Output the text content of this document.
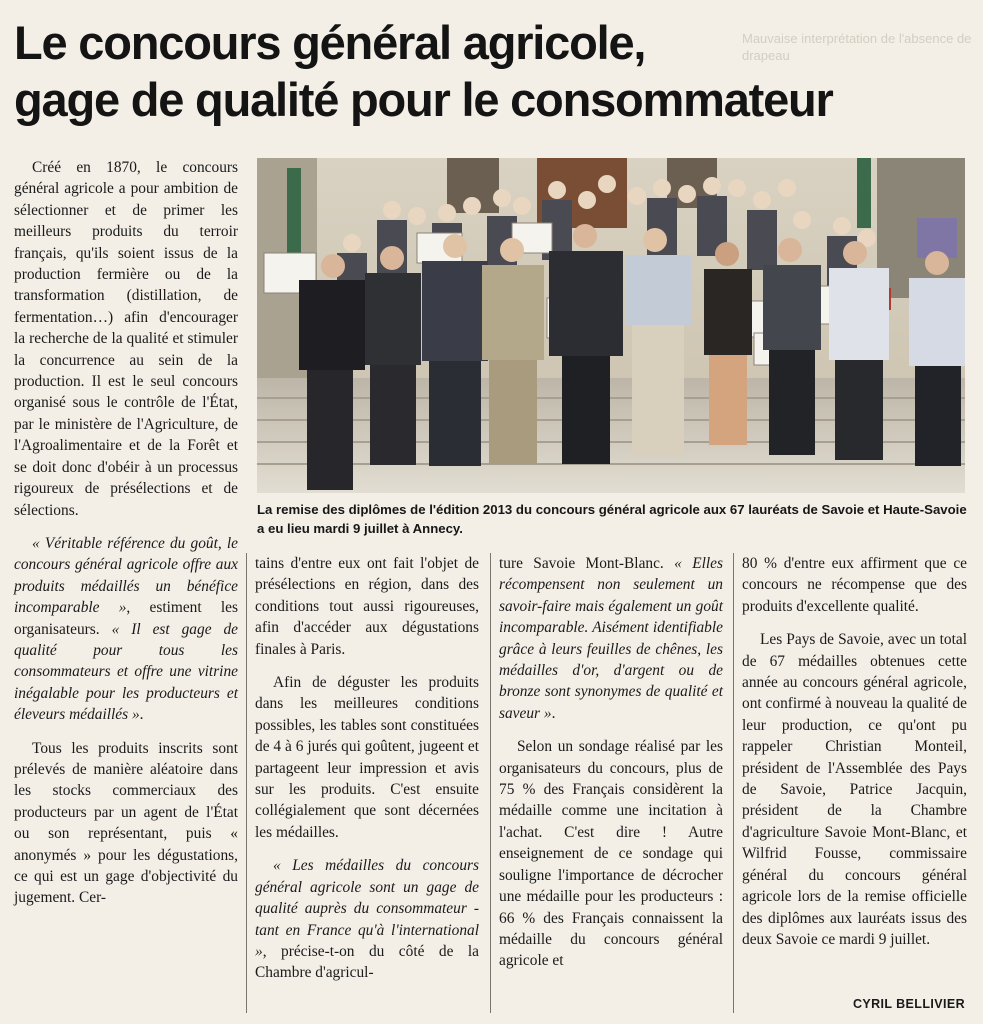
Le concours général agricole,
gage de qualité pour le consommateur
Mauvaise interprétation de l'absence de drapeau
La remise des diplômes de l'édition 2013 du concours général agricole aux 67 lauréats de Savoie et Haute-Savoie a eu lieu mardi 9 juillet à Annecy.

Créé en 1870, le concours général agricole a pour ambition de sélectionner et de primer les meilleurs produits du terroir français, qu'ils soient issus de la production fermière ou de la transformation (distillation, de fermentation…) afin d'encourager la recherche de la qualité et stimuler la concurrence au sein de la production. Il est le seul concours organisé sous le contrôle de l'État, par le ministère de l'Agriculture, de l'Agroalimentaire et de la Forêt et se doit donc d'obéir à un processus rigoureux de présélections et de sélections.

« Véritable référence du goût, le concours général agricole offre aux produits médaillés un bénéfice incomparable », estiment les organisateurs. « Il est gage de qualité pour tous les consommateurs et offre une vitrine inégalable pour les producteurs et éleveurs médaillés ».

Tous les produits inscrits sont prélevés de manière aléatoire dans les stocks commerciaux des producteurs par un agent de l'État ou son représentant, puis « anonymés » pour les dégustations, ce qui est un gage d'objectivité du jugement. Cer-

tains d'entre eux ont fait l'objet de présélections en région, dans des conditions tout aussi rigoureuses, afin d'accéder aux dégustations finales à Paris.

Afin de déguster les produits dans les meilleures conditions possibles, les tables sont constituées de 4 à 6 jurés qui goûtent, jugeent et partageent leur impression et avis sur les produits. C'est ensuite collégialement que sont décernées les médailles.

« Les médailles du concours général agricole sont un gage de qualité auprès du consommateur -tant en France qu'à l'international », précise-t-on du côté de la Chambre d'agricul-

ture Savoie Mont-Blanc. « Elles récompensent non seulement un savoir-faire mais également un goût incomparable. Aisément identifiable grâce à leurs feuilles de chênes, les médailles d'or, d'argent ou de bronze sont synonymes de qualité et saveur ».

Selon un sondage réalisé par les organisateurs du concours, plus de 75 % des Français considèrent la médaille comme une incitation à l'achat. C'est dire ! Autre enseignement de ce sondage qui souligne l'importance de décrocher une médaille pour les producteurs : 66 % des Français connaissent la médaille du concours général agricole et

80 % d'entre eux affirment que ce concours ne récompense que des produits d'excellente qualité.

Les Pays de Savoie, avec un total de 67 médailles obtenues cette année au concours général agricole, ont confirmé à nouveau la qualité de leur production, ce qu'ont pu rappeler Christian Monteil, président de l'Assemblée des Pays de Savoie, Patrice Jacquin, président de la Chambre d'agriculture Savoie Mont-Blanc, et Wilfrid Fousse, commissaire général du concours général agricole lors de la remise officielle des diplômes aux lauréats issus des deux Savoie ce mardi 9 juillet.

CYRIL BELLIVIER
